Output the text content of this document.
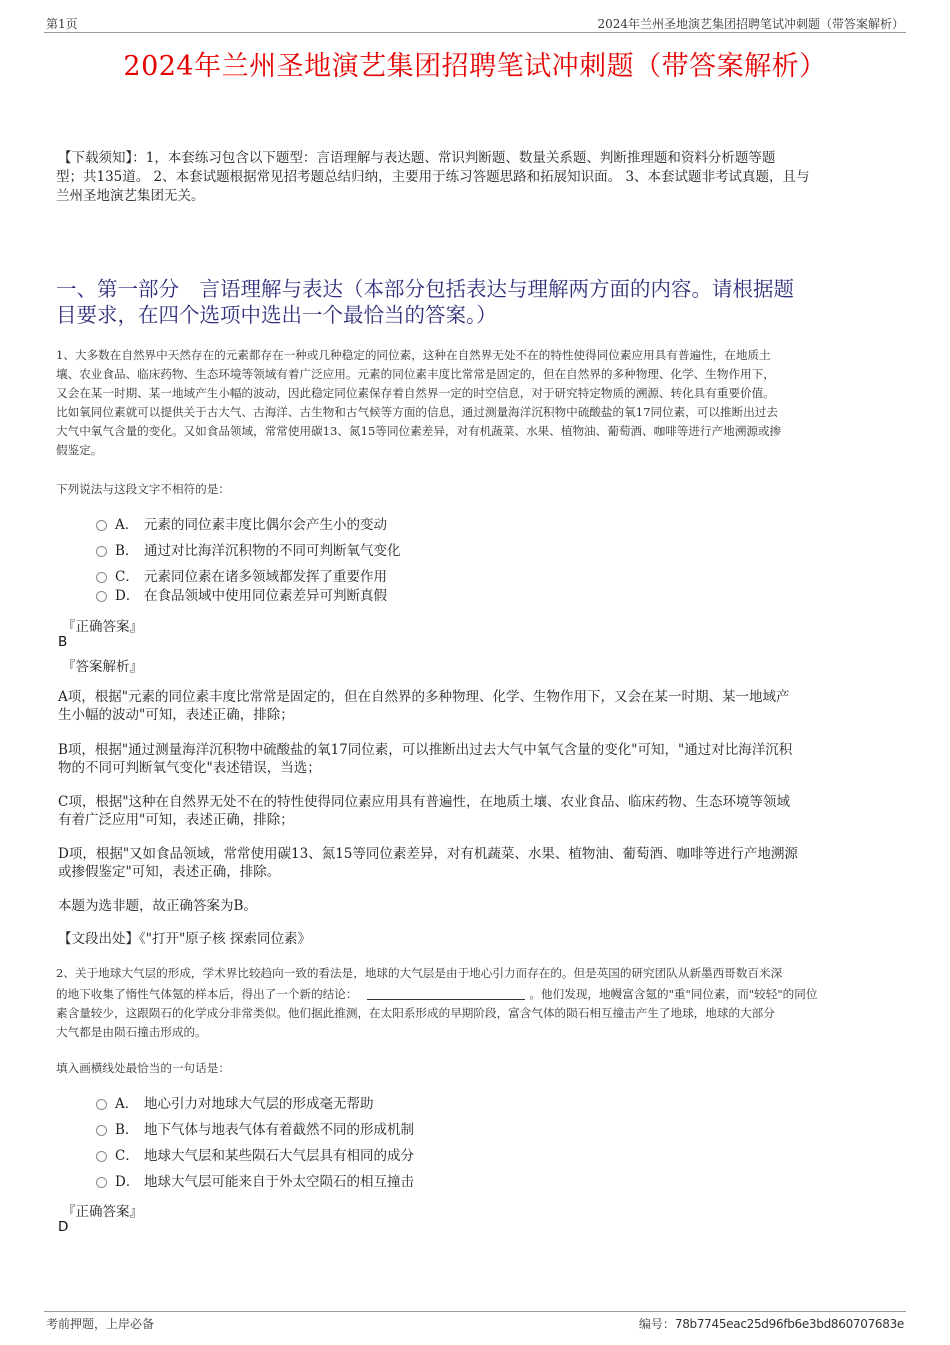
第1页	2024年兰州圣地演艺集团招聘笔试冲刺题（带答案解析）
2024年兰州圣地演艺集团招聘笔试冲刺题（带答案解析）
【下载须知】：1，本套练习包含以下题型：言语理解与表达题、常识判断题、数量关系题、判断推理题和资料分析题等题
型；共135道。 2、本套试题根据常见招考题总结归纳，主要用于练习答题思路和拓展知识面。 3、本套试题非考试真题，且与
兰州圣地演艺集团无关。
一、第一部分　言语理解与表达（本部分包括表达与理解两方面的内容。请根据题
目要求，在四个选项中选出一个最恰当的答案。）
1、大多数在自然界中天然存在的元素都存在一种或几种稳定的同位素，这种在自然界无处不在的特性使得同位素应用具有普遍性，在地质土
壤、农业食品、临床药物、生态环境等领域有着广泛应用。元素的同位素丰度比常常是固定的，但在自然界的多种物理、化学、生物作用下，
又会在某一时期、某一地域产生小幅的波动，因此稳定同位素保存着自然界一定的时空信息，对于研究特定物质的溯源、转化具有重要价值。
比如氧同位素就可以提供关于古大气、古海洋、古生物和古气候等方面的信息，通过测量海洋沉积物中硫酸盐的氧17同位素，可以推断出过去
大气中氧气含量的变化。又如食品领域，常常使用碳13、氮15等同位素差异，对有机蔬菜、水果、植物油、葡萄酒、咖啡等进行产地溯源或掺
假鉴定。
下列说法与这段文字不相符的是：
A． 元素的同位素丰度比偶尔会产生小的变动
B． 通过对比海洋沉积物的不同可判断氧气变化
C． 元素同位素在诸多领域都发挥了重要作用
D． 在食品领域中使用同位素差异可判断真假
『正确答案』
B
『答案解析』
A项，根据"元素的同位素丰度比常常是固定的，但在自然界的多种物理、化学、生物作用下，又会在某一时期、某一地域产
生小幅的波动"可知，表述正确，排除；
B项，根据"通过测量海洋沉积物中硫酸盐的氧17同位素，可以推断出过去大气中氧气含量的变化"可知，"通过对比海洋沉积
物的不同可判断氧气变化"表述错误，当选；
C项，根据"这种在自然界无处不在的特性使得同位素应用具有普遍性，在地质土壤、农业食品、临床药物、生态环境等领域
有着广泛应用"可知，表述正确，排除；
D项，根据"又如食品领域，常常使用碳13、氮15等同位素差异，对有机蔬菜、水果、植物油、葡萄酒、咖啡等进行产地溯源
或掺假鉴定"可知，表述正确，排除。
本题为选非题，故正确答案为B。
【文段出处】《"打开"原子核 探索同位素》
2、关于地球大气层的形成，学术界比较趋向一致的看法是，地球的大气层是由于地心引力而存在的。但是英国的研究团队从新墨西哥数百米深
的地下收集了惰性气体氪的样本后，得出了一个新的结论：	。他们发现，地幔富含氪的"重"同位素，而"较轻"的同位
素含量较少，这跟陨石的化学成分非常类似。他们据此推测，在太阳系形成的早期阶段，富含气体的陨石相互撞击产生了地球，地球的大部分
大气都是由陨石撞击形成的。
填入画横线处最恰当的一句话是：
A． 地心引力对地球大气层的形成毫无帮助
B． 地下气体与地表气体有着截然不同的形成机制
C． 地球大气层和某些陨石大气层具有相同的成分
D． 地球大气层可能来自于外太空陨石的相互撞击
『正确答案』
D
考前押题，上岸必备	编号：78b7745eac25d96fb6e3bd860707683e
